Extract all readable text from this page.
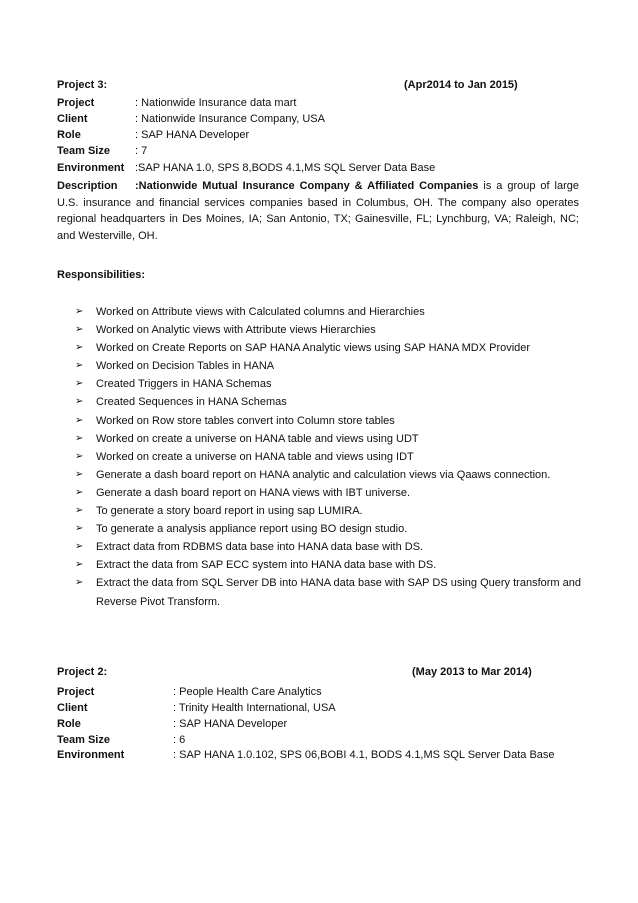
Project 3:	(Apr2014 to Jan 2015)
Project	: Nationwide Insurance data mart
Client	: Nationwide Insurance Company, USA
Role	: SAP HANA Developer
Team Size : 7
Environment :SAP HANA 1.0, SPS 8,BODS 4.1,MS SQL Server Data Base
Description :Nationwide Mutual Insurance Company & Affiliated Companies is a group of large U.S. insurance and financial services companies based in Columbus, OH. The company also operates regional headquarters in Des Moines, IA; San Antonio, TX; Gainesville, FL; Lynchburg, VA; Raleigh, NC; and Westerville, OH.
Responsibilities:
➢ Worked on Attribute views with Calculated columns and Hierarchies
➢ Worked on Analytic views with Attribute views Hierarchies
➢ Worked on Create Reports on SAP HANA Analytic views using SAP HANA MDX Provider
➢ Worked on Decision Tables in HANA
➢ Created Triggers in HANA Schemas
➢ Created Sequences in HANA Schemas
➢ Worked on Row store tables convert into Column store tables
➢ Worked on create a universe on HANA table and views using UDT
➢ Worked on create a universe on HANA table and views using IDT
➢ Generate a dash board report on HANA analytic and calculation views via Qaaws connection.
➢ Generate a dash board report on HANA views with IBT universe.
➢ To generate a story board report in using sap LUMIRA.
➢ To generate a analysis appliance report using BO design studio.
➢ Extract data from RDBMS data base into HANA data base with DS.
➢ Extract the data from SAP ECC system into HANA data base with DS.
➢ Extract the data from SQL Server DB into HANA data base with SAP DS using Query transform and Reverse Pivot Transform.
Project 2:	(May 2013 to Mar 2014)
Project	: People Health Care Analytics
Client	: Trinity Health International, USA
Role	: SAP HANA Developer
Team Size	: 6
Environment	: SAP HANA 1.0.102, SPS 06,BOBI 4.1, BODS 4.1,MS SQL Server Data Base
